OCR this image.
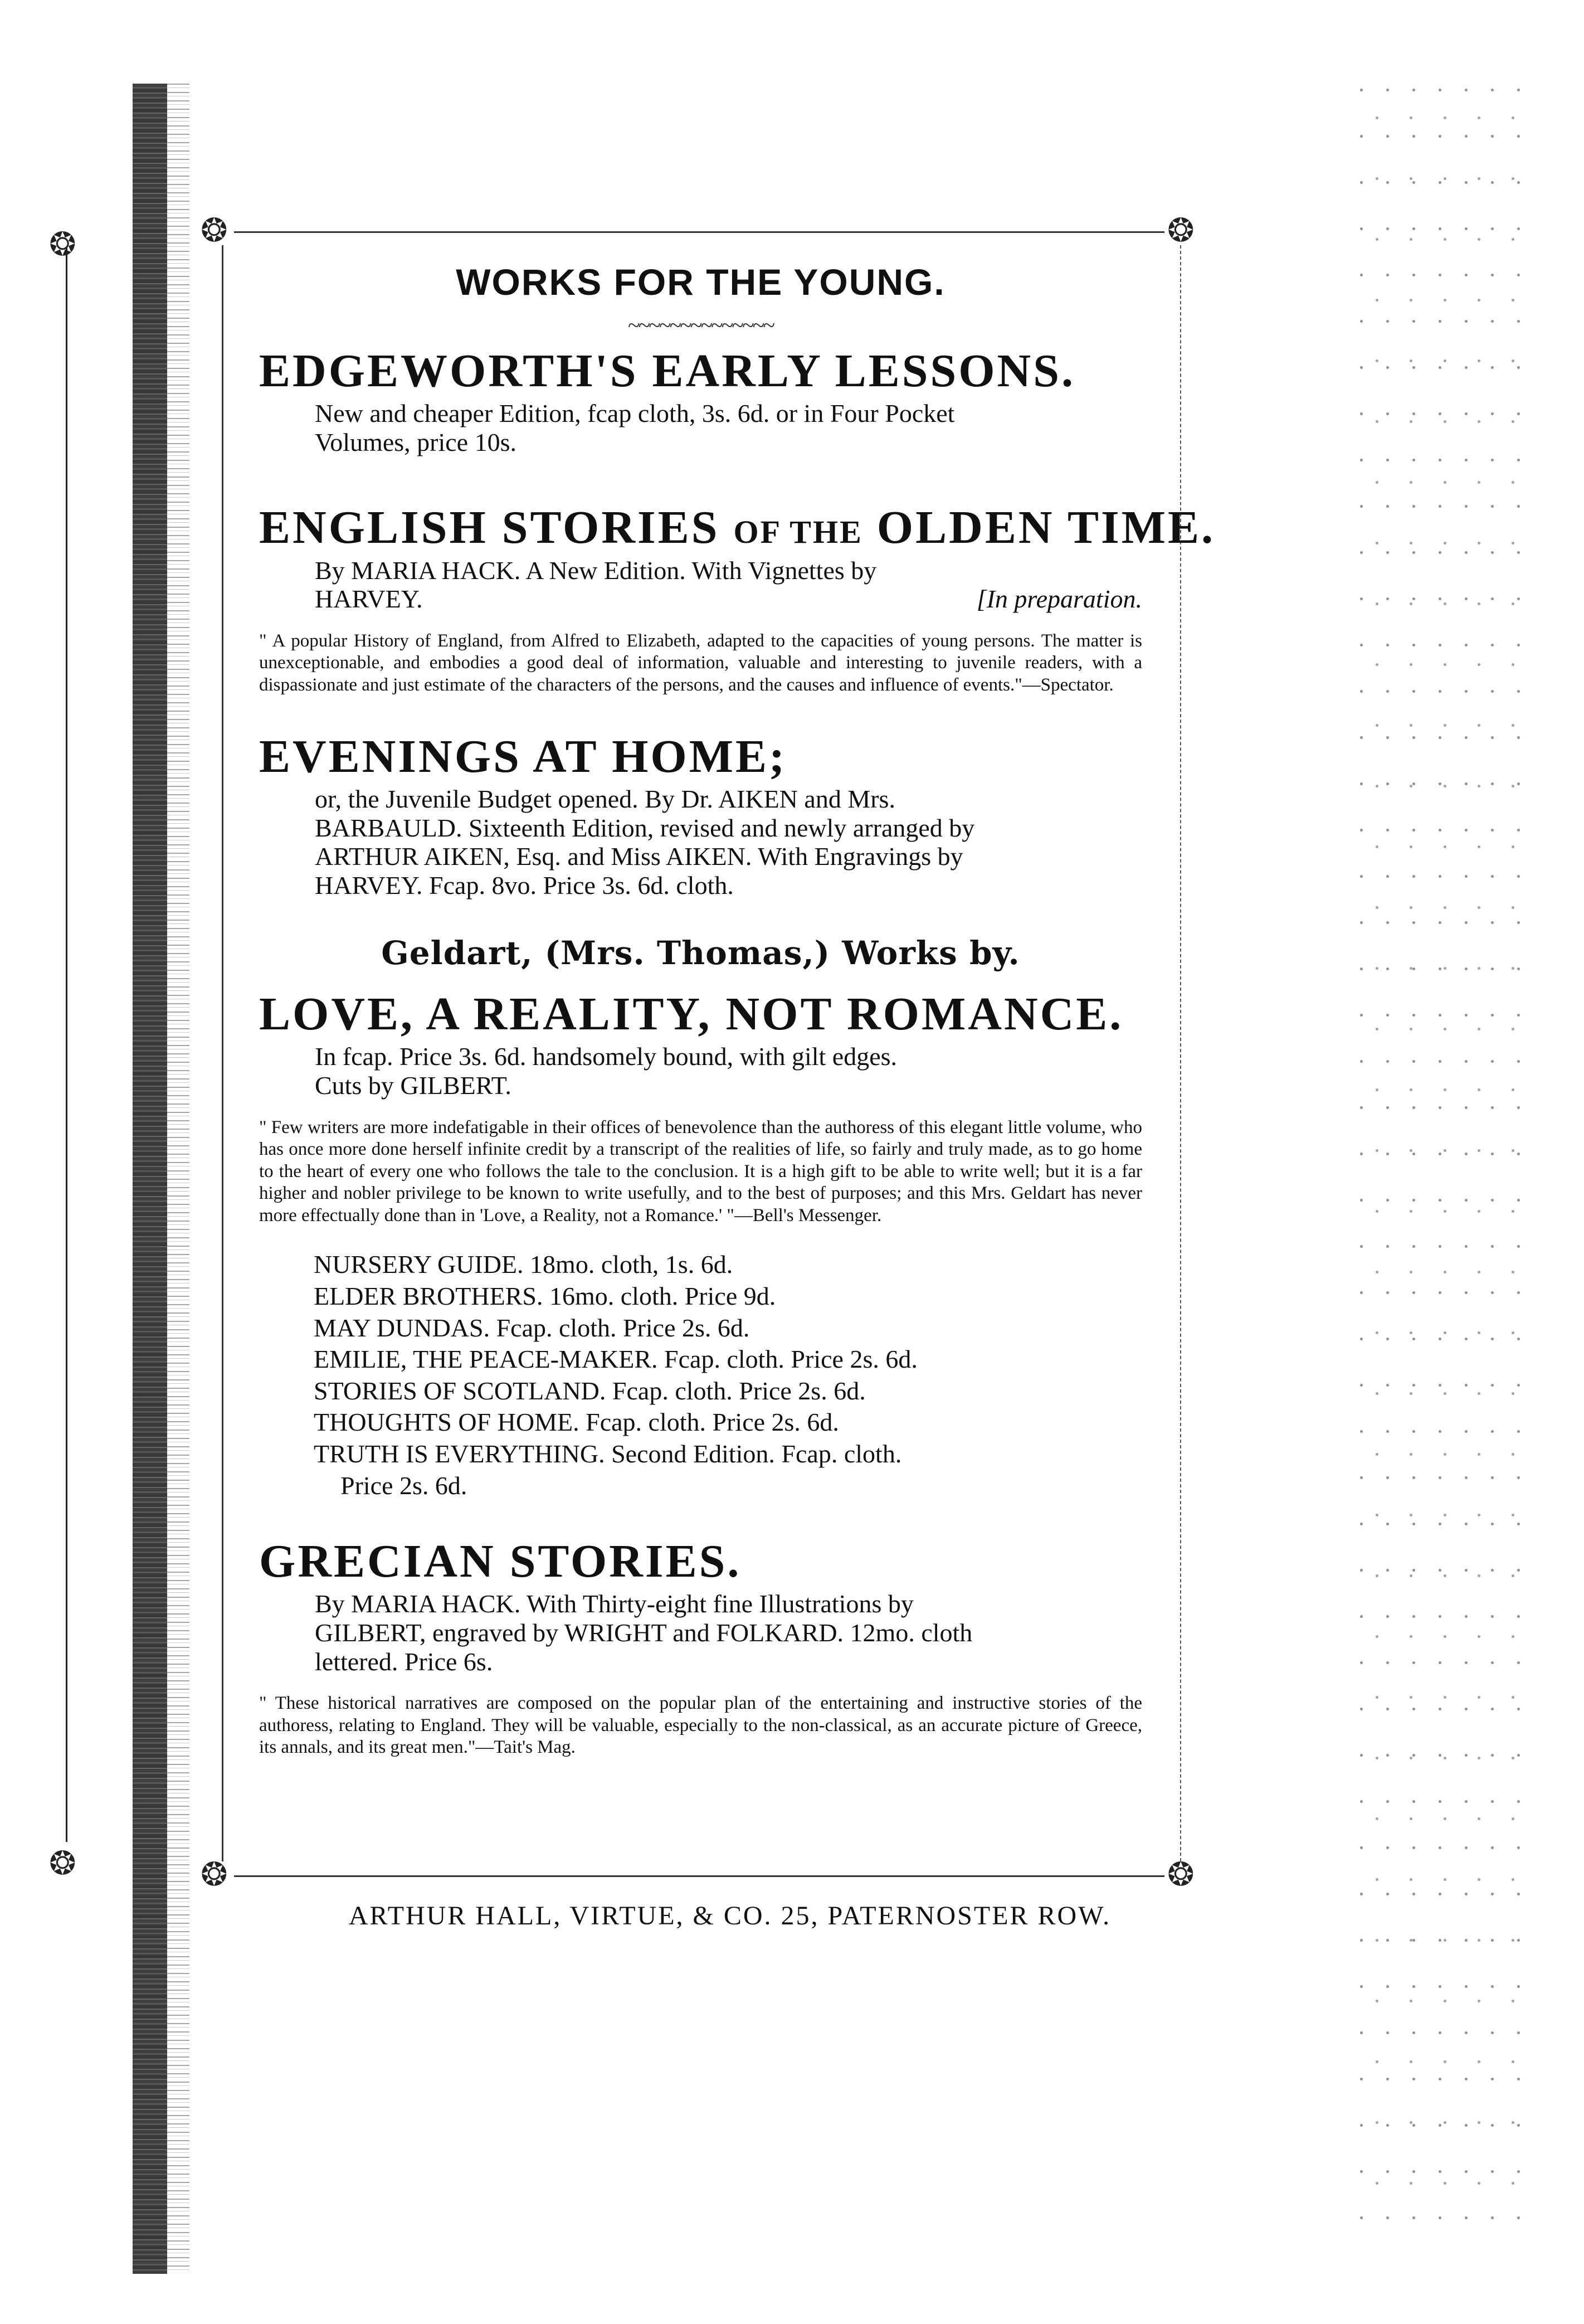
❂
❂
❂	❂
❂	❂
WORKS FOR THE YOUNG.
~~~~~~~~~~~~~~
EDGEWORTH'S EARLY LESSONS.
New and cheaper Edition, fcap cloth, 3s. 6d. or in Four Pocket
Volumes, price 10s.
ENGLISH STORIES OF THE OLDEN TIME.
By MARIA HACK. A New Edition. With Vignettes by
HARVEY.	[In preparation.

" A popular History of England, from Alfred to Elizabeth, adapted to the capacities of young persons. The matter is unexceptionable, and embodies a good deal of information, valuable and interesting to juvenile readers, with a dispassionate and just estimate of the characters of the persons, and the causes and influence of events."—Spectator.

EVENINGS AT HOME;
or, the Juvenile Budget opened. By Dr. AIKEN and Mrs.
BARBAULD. Sixteenth Edition, revised and newly arranged by
ARTHUR AIKEN, Esq. and Miss AIKEN. With Engravings by
HARVEY. Fcap. 8vo. Price 3s. 6d. cloth.
Geldart, (Mrs. Thomas,) Works by.
LOVE, A REALITY, NOT ROMANCE.
In fcap. Price 3s. 6d. handsomely bound, with gilt edges.
Cuts by GILBERT.

" Few writers are more indefatigable in their offices of benevolence than the authoress of this elegant little volume, who has once more done herself infinite credit by a transcript of the realities of life, so fairly and truly made, as to go home to the heart of every one who follows the tale to the conclusion. It is a high gift to be able to write well; but it is a far higher and nobler privilege to be known to write usefully, and to the best of purposes; and this Mrs. Geldart has never more effectually done than in 'Love, a Reality, not a Romance.' "—Bell's Messenger.

NURSERY GUIDE. 18mo. cloth, 1s. 6d.
ELDER BROTHERS. 16mo. cloth. Price 9d.
MAY DUNDAS. Fcap. cloth. Price 2s. 6d.
EMILIE, THE PEACE-MAKER. Fcap. cloth. Price 2s. 6d.
STORIES OF SCOTLAND. Fcap. cloth. Price 2s. 6d.
THOUGHTS OF HOME. Fcap. cloth. Price 2s. 6d.
TRUTH IS EVERYTHING. Second Edition. Fcap. cloth.
Price 2s. 6d.
GRECIAN STORIES.
By MARIA HACK. With Thirty-eight fine Illustrations by
GILBERT, engraved by WRIGHT and FOLKARD. 12mo. cloth
lettered. Price 6s.

" These historical narratives are composed on the popular plan of the entertaining and instructive stories of the authoress, relating to England. They will be valuable, especially to the non-classical, as an accurate picture of Greece, its annals, and its great men."—Tait's Mag.

ARTHUR HALL, VIRTUE, & CO. 25, PATERNOSTER ROW.
